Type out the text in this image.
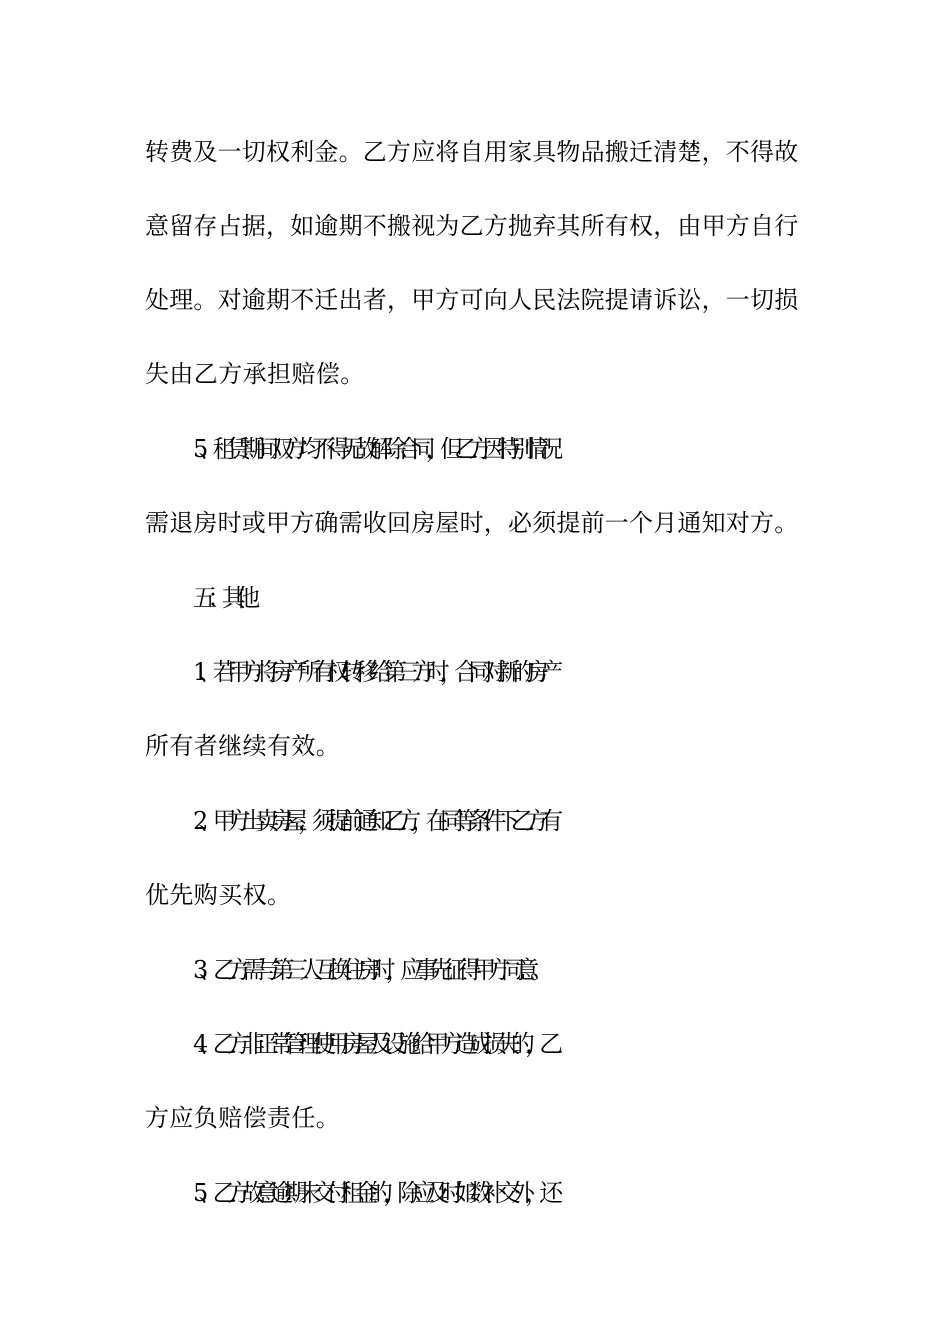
转费及一切权利金。乙方应将自用家具物品搬迁清楚，不得故
意留存占据，如逾期不搬视为乙方抛弃其所有权，由甲方自行
处理。对逾期不迁出者，甲方可向人民法院提请诉讼，一切损
失由乙方承担赔偿。
5、租赁期间双方均不得无故解除合同，但乙方因特别情况
需退房时或甲方确需收回房屋时，必须提前一个月通知对方。
五：其他
1、若甲方将房产所有权转移给第三方时，合同对新的房产
所有者继续有效。
2、甲方出卖房屋，须提前通知乙方，在同等条件下乙方有
优先购买权。
3、乙方需与第三人互换住房时，应事先征得甲方同意。
4、乙方非正常管理使用房屋及设施给甲方造成损失的，乙
方应负赔偿责任。
5、乙方故意逾期未交付租金的，除应及时如数补交外，还
